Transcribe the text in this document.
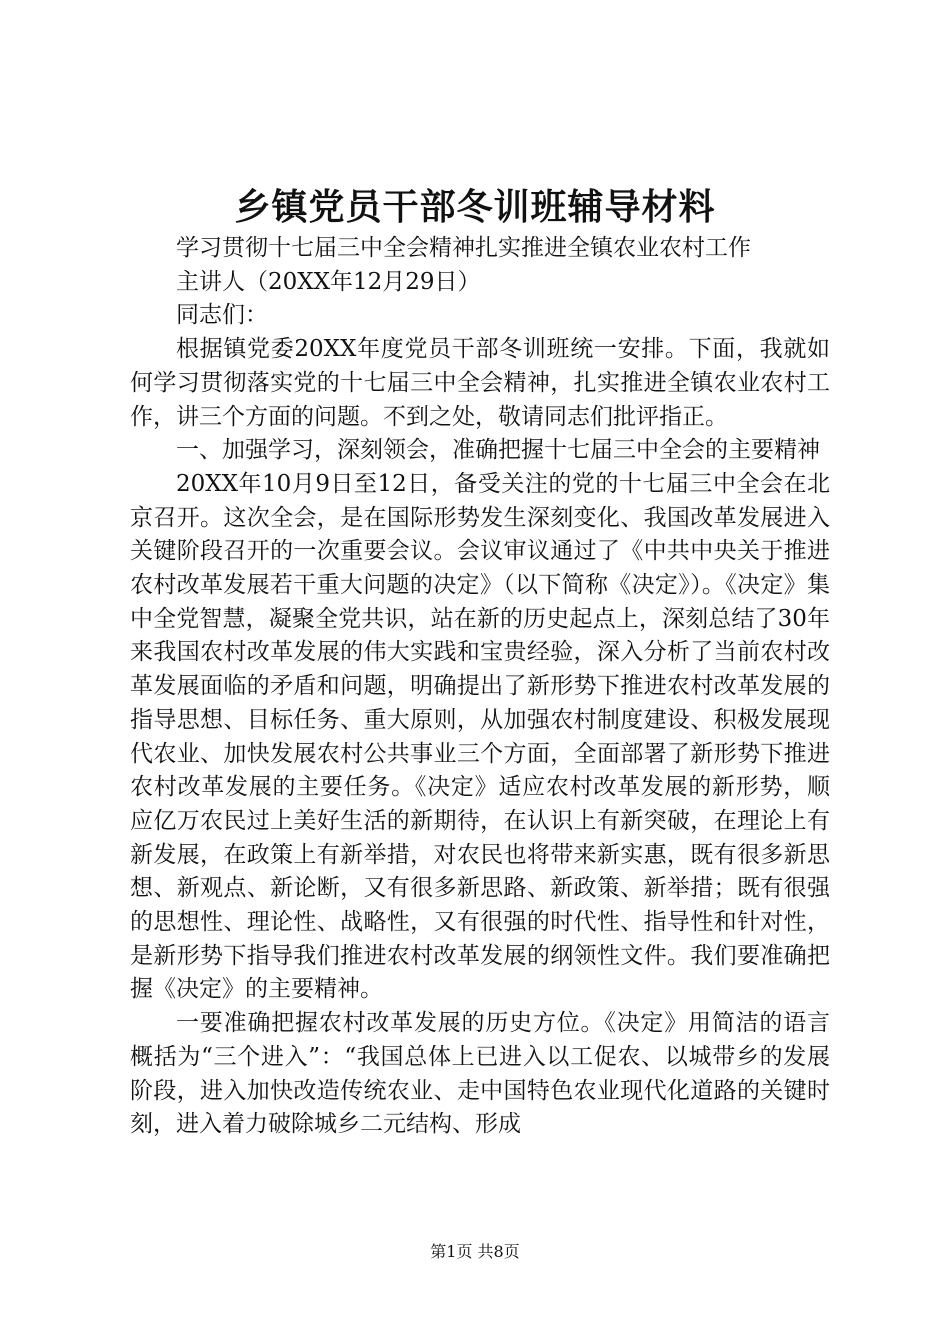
乡镇党员干部冬训班辅导材料

学习贯彻十七届三中全会精神扎实推进全镇农业农村工作

主讲人（20XX年12月29日）

同志们：

根据镇党委20XX年度党员干部冬训班统一安排。下面，我就如何学习贯彻落实党的十七届三中全会精神，扎实推进全镇农业农村工作，讲三个方面的问题。不到之处，敬请同志们批评指正。

一、加强学习，深刻领会，准确把握十七届三中全会的主要精神

20XX年10月9日至12日，备受关注的党的十七届三中全会在北京召开。这次全会，是在国际形势发生深刻变化、我国改革发展进入关键阶段召开的一次重要会议。会议审议通过了《中共中央关于推进农村改革发展若干重大问题的决定》（以下简称《决定》）。《决定》集中全党智慧，凝聚全党共识，站在新的历史起点上，深刻总结了30年来我国农村改革发展的伟大实践和宝贵经验，深入分析了当前农村改革发展面临的矛盾和问题，明确提出了新形势下推进农村改革发展的指导思想、目标任务、重大原则，从加强农村制度建设、积极发展现代农业、加快发展农村公共事业三个方面，全面部署了新形势下推进农村改革发展的主要任务。《决定》适应农村改革发展的新形势，顺应亿万农民过上美好生活的新期待，在认识上有新突破，在理论上有新发展，在政策上有新举措，对农民也将带来新实惠，既有很多新思想、新观点、新论断，又有很多新思路、新政策、新举措；既有很强的思想性、理论性、战略性，又有很强的时代性、指导性和针对性，是新形势下指导我们推进农村改革发展的纲领性文件。我们要准确把握《决定》的主要精神。

一要准确把握农村改革发展的历史方位。《决定》用简洁的语言概括为“三个进入”：“我国总体上已进入以工促农、以城带乡的发展阶段，进入加快改造传统农业、走中国特色农业现代化道路的关键时刻，进入着力破除城乡二元结构、形成

第1页 共8页
